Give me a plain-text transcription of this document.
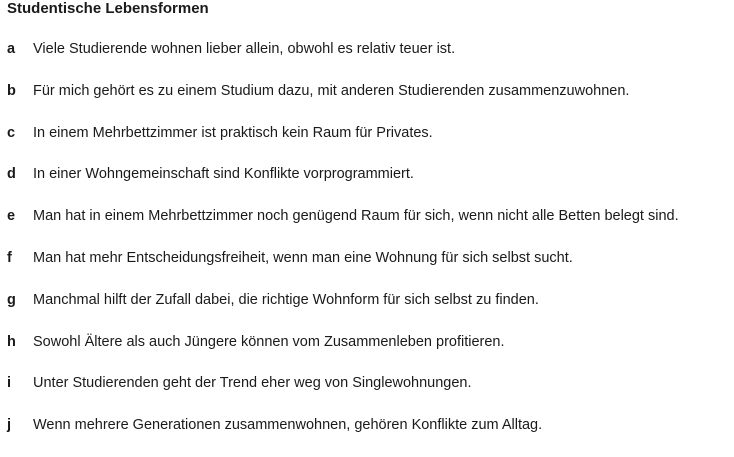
Studentische Lebensformen
a Viele Studierende wohnen lieber allein, obwohl es relativ teuer ist.
b Für mich gehört es zu einem Studium dazu, mit anderen Studierenden zusammenzuwohnen.
c In einem Mehrbettzimmer ist praktisch kein Raum für Privates.
d In einer Wohngemeinschaft sind Konflikte vorprogrammiert.
e Man hat in einem Mehrbettzimmer noch genügend Raum für sich, wenn nicht alle Betten belegt sind.
f Man hat mehr Entscheidungsfreiheit, wenn man eine Wohnung für sich selbst sucht.
g Manchmal hilft der Zufall dabei, die richtige Wohnform für sich selbst zu finden.
h Sowohl Ältere als auch Jüngere können vom Zusammenleben profitieren.
i Unter Studierenden geht der Trend eher weg von Singlewohnungen.
j Wenn mehrere Generationen zusammenwohnen, gehören Konflikte zum Alltag.
